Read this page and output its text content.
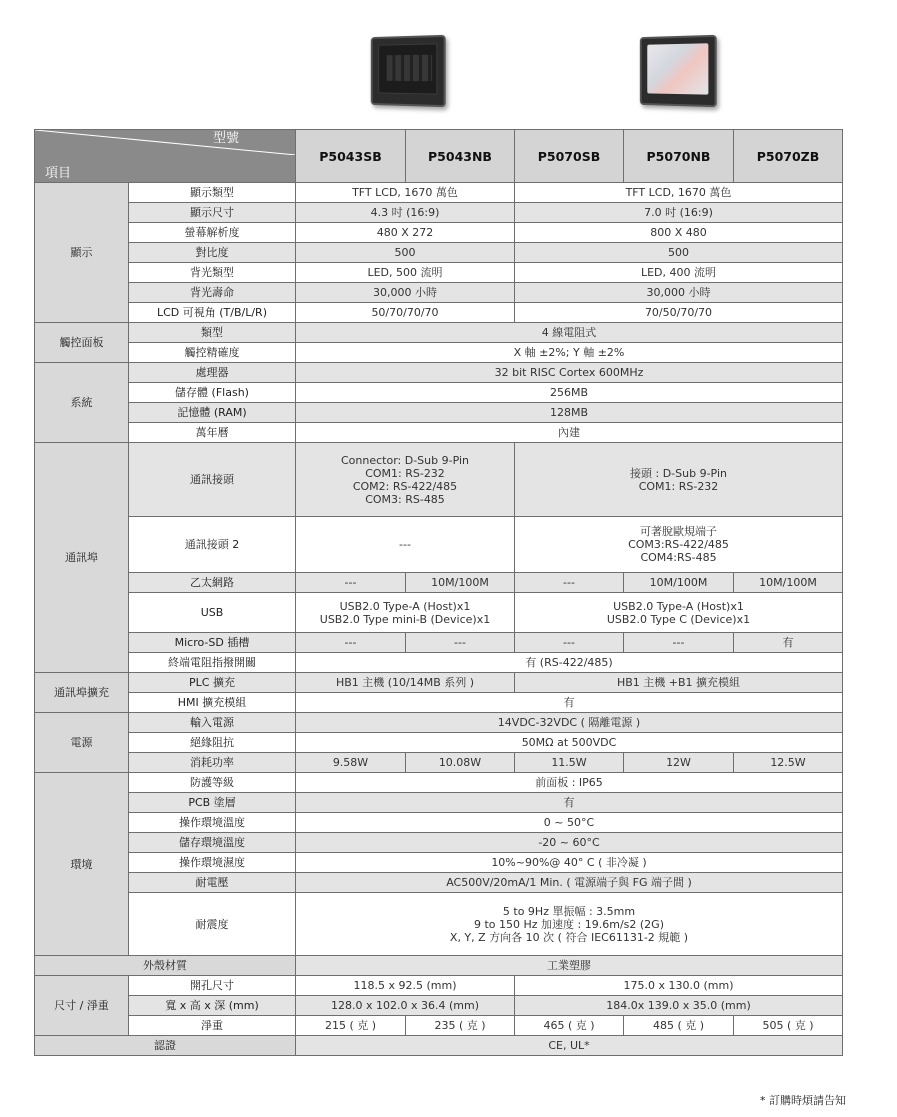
項目

型號		P5043SB	P5043NB	P5070SB	P5070NB	P5070ZB
顯示	顯示類型	TFT LCD, 1670 萬色		TFT LCD, 1670 萬色		
	顯示尺寸	4.3 吋 (16:9)		7.0 吋 (16:9)		
	螢幕解析度	480 X 272		800 X 480		
	對比度	500		500		
	背光類型	LED, 500 流明		LED, 400 流明		
	背光壽命	30,000 小時		30,000 小時		
	LCD 可視角 (T/B/L/R)	50/70/70/70		70/50/70/70		
觸控面板	類型	4 線電阻式				
	觸控精確度	X 軸 ±2%; Y 軸 ±2%				
系統	處理器	32 bit RISC Cortex 600MHz				
	儲存體 (Flash)	256MB				
	記憶體 (RAM)	128MB				
	萬年曆	內建				
通訊埠	通訊接頭	Connector: D-Sub 9-Pin
COM1: RS-232
COM2: RS-422/485
COM3: RS-485		接頭 : D-Sub 9-Pin
COM1: RS-232		
	通訊接頭 2	---		可著脫歐規端子
COM3:RS-422/485
COM4:RS-485		
	乙太網路	---	10M/100M	---	10M/100M	10M/100M
	USB	USB2.0 Type-A (Host)x1
USB2.0 Type mini-B (Device)x1		USB2.0 Type-A (Host)x1
USB2.0 Type C (Device)x1		
	Micro-SD 插槽	---	---	---	---	有
	終端電阻指撥開關	有 (RS-422/485)				
通訊埠擴充	PLC 擴充	HB1 主機 (10/14MB 系列 )		HB1 主機 +B1 擴充模組		
	HMI 擴充模組	有				
電源	輸入電源	14VDC-32VDC ( 隔離電源 )				
	絕緣阻抗	50MΩ at 500VDC				
	消耗功率	9.58W	10.08W	11.5W	12W	12.5W
環境	防護等級	前面板 : IP65				
	PCB 塗層	有				
	操作環境溫度	0 ~ 50°C				
	儲存環境溫度	-20 ~ 60°C				
	操作環境濕度	10%~90%@ 40° C ( 非冷凝 )				
	耐電壓	AC500V/20mA/1 Min. ( 電源端子與 FG 端子間 )				
	耐震度	5 to 9Hz 單振幅 : 3.5mm
9 to 150 Hz 加速度 : 19.6m/s2 (2G)
X, Y, Z 方向各 10 次 ( 符合 IEC61131-2 規範 )				
外殼材質		工業塑膠				
尺寸 / 淨重	開孔尺寸	118.5 x 92.5 (mm)		175.0 x 130.0 (mm)		
	寬 x 高 x 深 (mm)	128.0 x 102.0 x 36.4 (mm)		184.0x 139.0 x 35.0 (mm)		
	淨重	215 ( 克 )	235 ( 克 )	465 ( 克 )	485 ( 克 )	505 ( 克 )
認證		CE, UL*				
* 訂購時煩請告知
